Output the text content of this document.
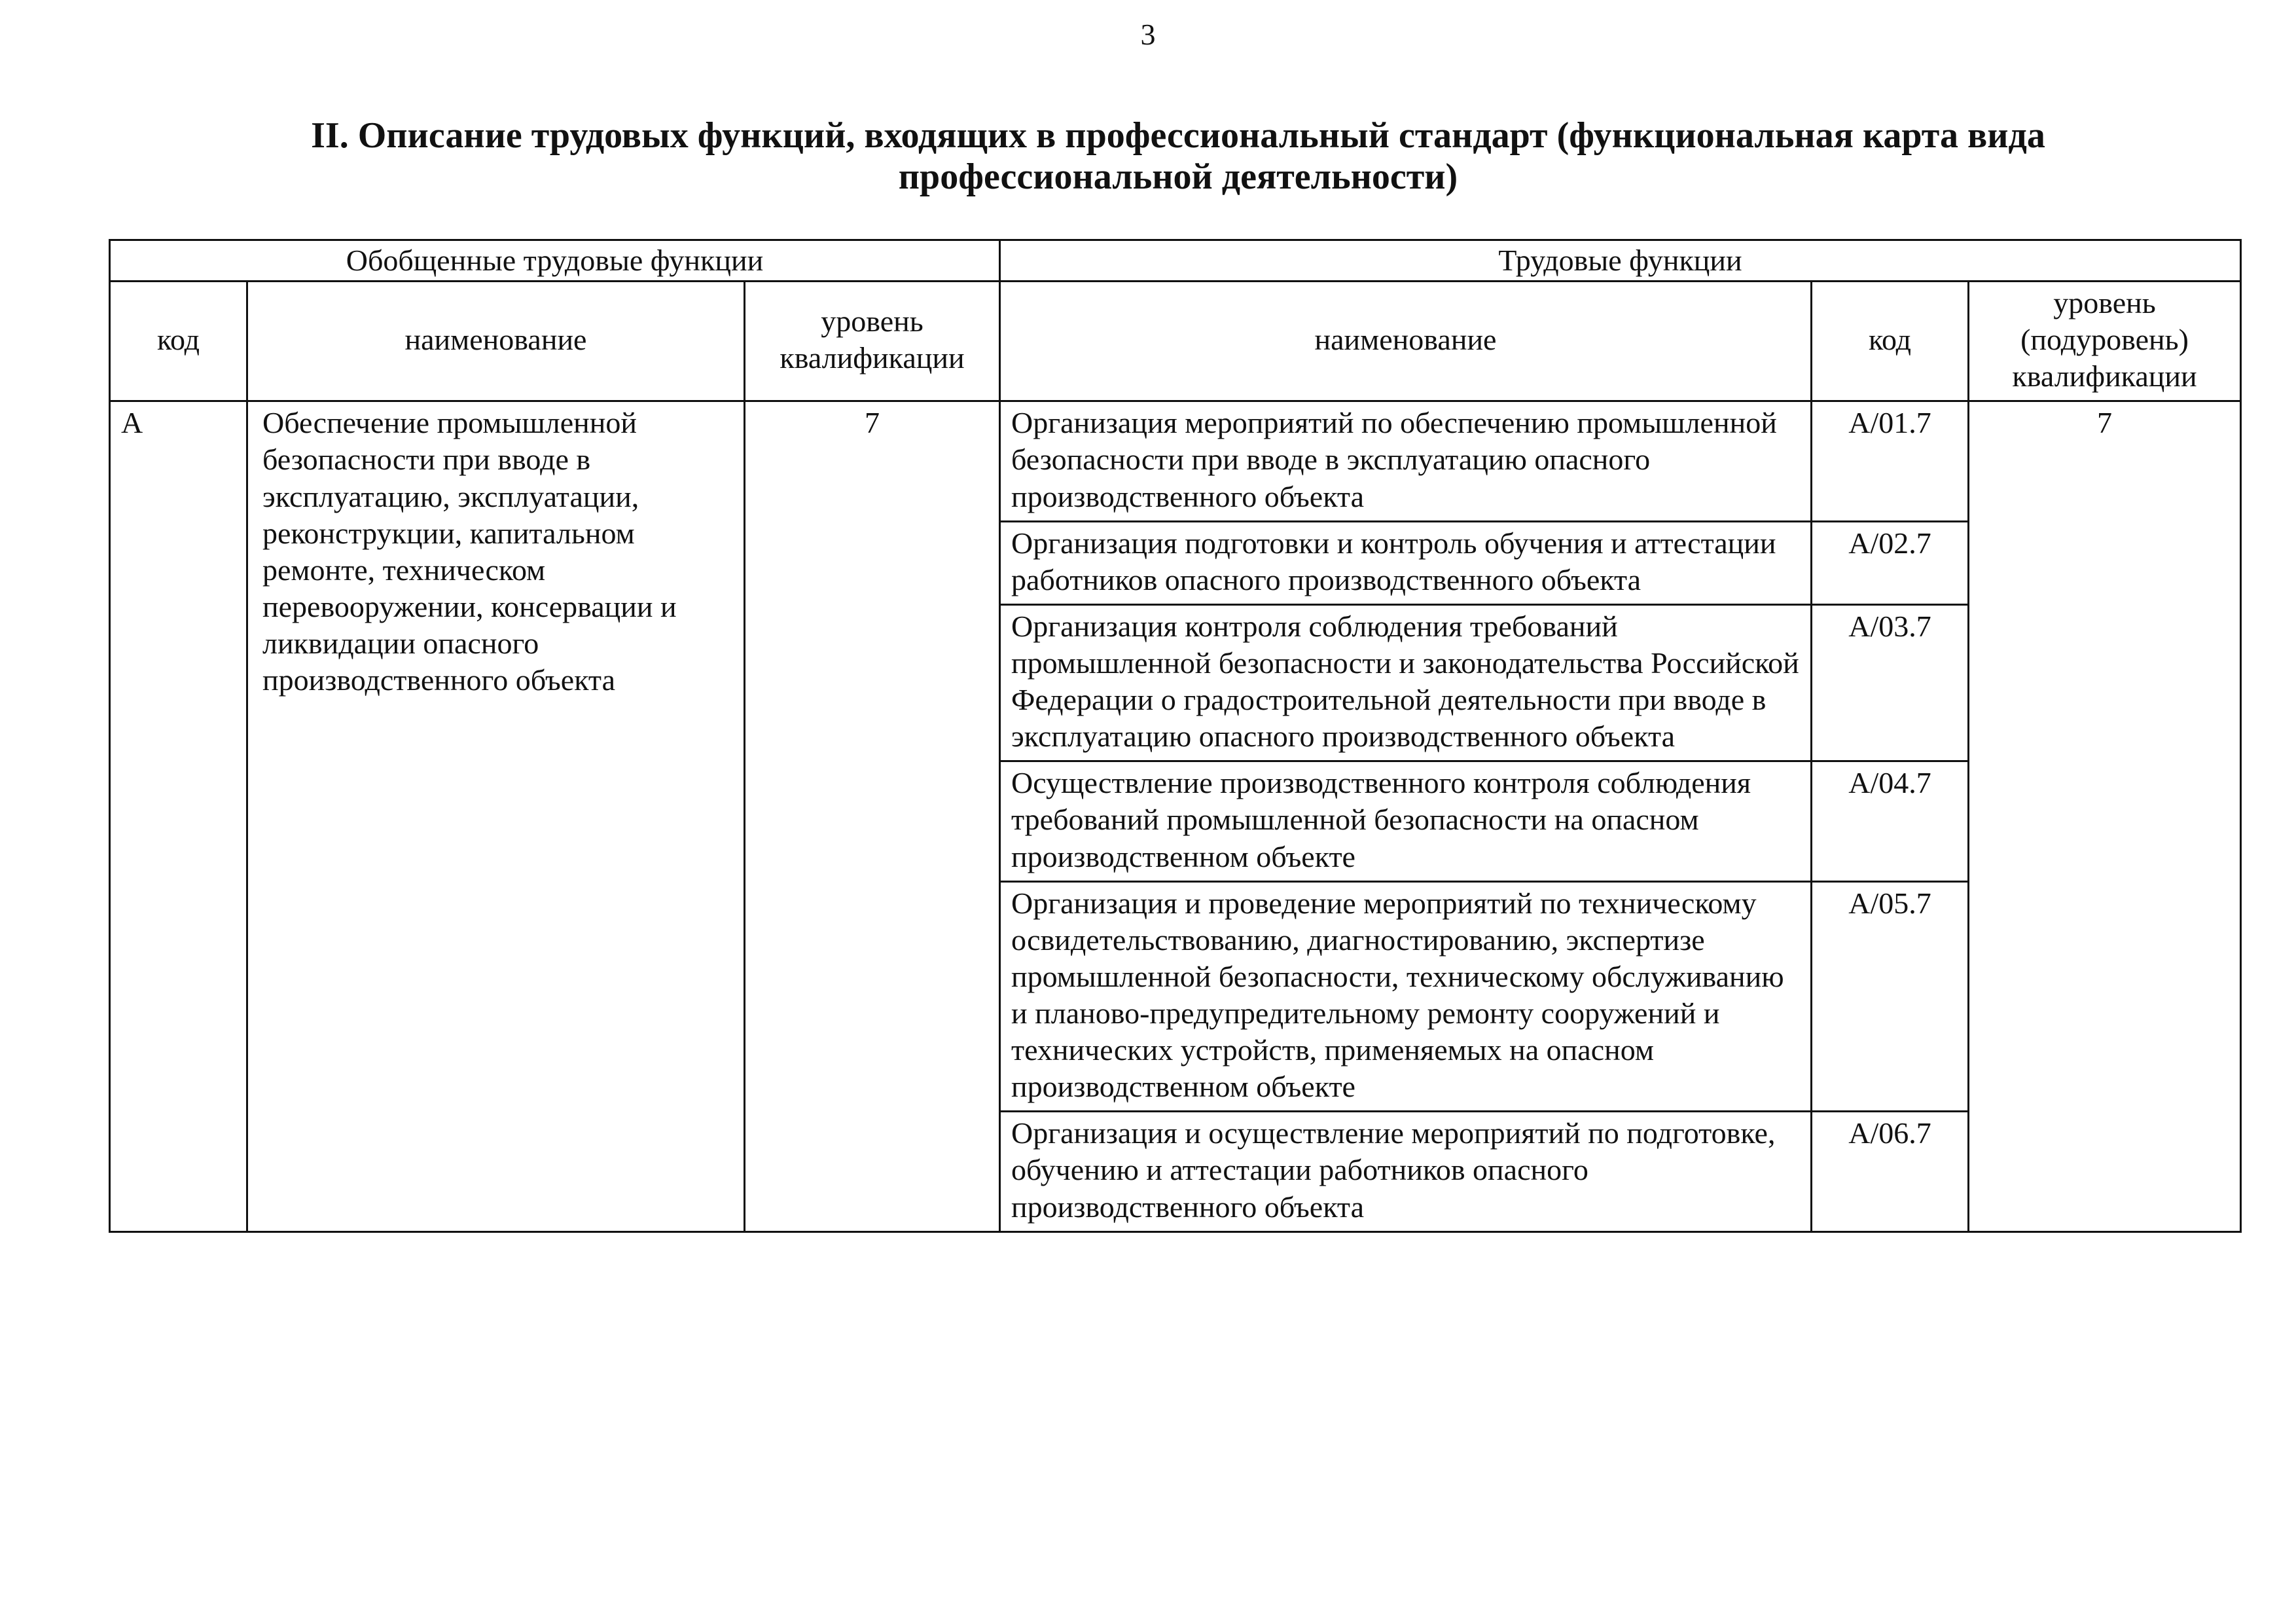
3
II. Описание трудовых функций, входящих в профессиональный стандарт (функциональная карта вида профессиональной деятельности)
Обобщенные трудовые функции			Трудовые функции		
код	наименование	уровень квалификации	наименование	код	уровень (подуровень) квалификации
А	Обеспечение промышленной безопасности при вводе в эксплуатацию, эксплуатации, реконструкции, капитальном ремонте, техническом перевооружении, консервации и ликвидации опасного производственного объекта	7	Организация мероприятий по обеспечению промышленной безопасности при вводе в эксплуатацию опасного производственного объекта	А/01.7	7
			Организация подготовки и контроль обучения и аттестации работников опасного производственного объекта	А/02.7	
			Организация контроля соблюдения требований промышленной безопасности и законодательства Российской Федерации о градостроительной деятельности при вводе в эксплуатацию опасного производственного объекта	А/03.7	
			Осуществление производственного контроля соблюдения требований промышленной безопасности на опасном производственном объекте	А/04.7	
			Организация и проведение мероприятий по техническому освидетельствованию, диагностированию, экспертизе промышленной безопасности, техническому обслуживанию и планово-предупредительному ремонту сооружений и технических устройств, применяемых на опасном производственном объекте	А/05.7	
			Организация и осуществление мероприятий по подготовке, обучению и аттестации работников опасного производственного объекта	А/06.7	
